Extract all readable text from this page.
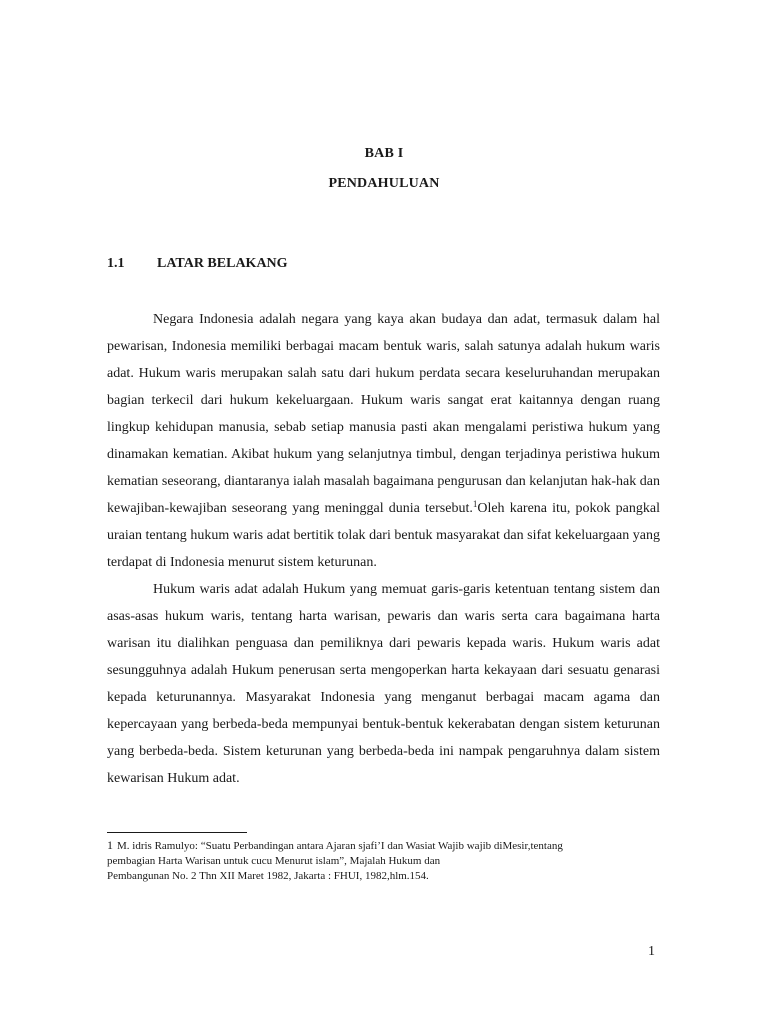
BAB I
PENDAHULUAN
1.1 LATAR BELAKANG

Negara Indonesia adalah negara yang kaya akan budaya dan adat, termasuk dalam hal pewarisan, Indonesia memiliki berbagai macam bentuk waris, salah satunya adalah hukum waris adat. Hukum waris merupakan salah satu dari hukum perdata secara keseluruhandan merupakan bagian terkecil dari hukum kekeluargaan. Hukum waris sangat erat kaitannya dengan ruang lingkup kehidupan manusia, sebab setiap manusia pasti akan mengalami peristiwa hukum yang dinamakan kematian. Akibat hukum yang selanjutnya timbul, dengan terjadinya peristiwa hukum kematian seseorang, diantaranya ialah masalah bagaimana pengurusan dan kelanjutan hak-hak dan kewajiban-kewajiban seseorang yang meninggal dunia tersebut.$^1$Oleh karena itu, pokok pangkal uraian tentang hukum waris adat bertitik tolak dari bentuk masyarakat dan sifat kekeluargaan yang terdapat di Indonesia menurut sistem keturunan.

Hukum waris adat adalah Hukum yang memuat garis-garis ketentuan tentang sistem dan asas-asas hukum waris, tentang harta warisan, pewaris dan waris serta cara bagaimana harta warisan itu dialihkan penguasa dan pemiliknya dari pewaris kepada waris. Hukum waris adat sesungguhnya adalah Hukum penerusan serta mengoperkan harta kekayaan dari sesuatu genarasi kepada keturunannya. Masyarakat Indonesia yang menganut berbagai macam agama dan kepercayaan yang berbeda-beda mempunyai bentuk-bentuk kekerabatan dengan sistem keturunan yang berbeda-beda. Sistem keturunan yang berbeda-beda ini nampak pengaruhnya dalam sistem kewarisan Hukum adat.

1 M. idris Ramulyo: “Suatu Perbandingan antara Ajaran sjafi’I dan Wasiat Wajib wajib diMesir,tentang
pembagian Harta Warisan untuk cucu Menurut islam”, Majalah Hukum dan
Pembangunan No. 2 Thn XII Maret 1982, Jakarta : FHUI, 1982,hlm.154.
1
